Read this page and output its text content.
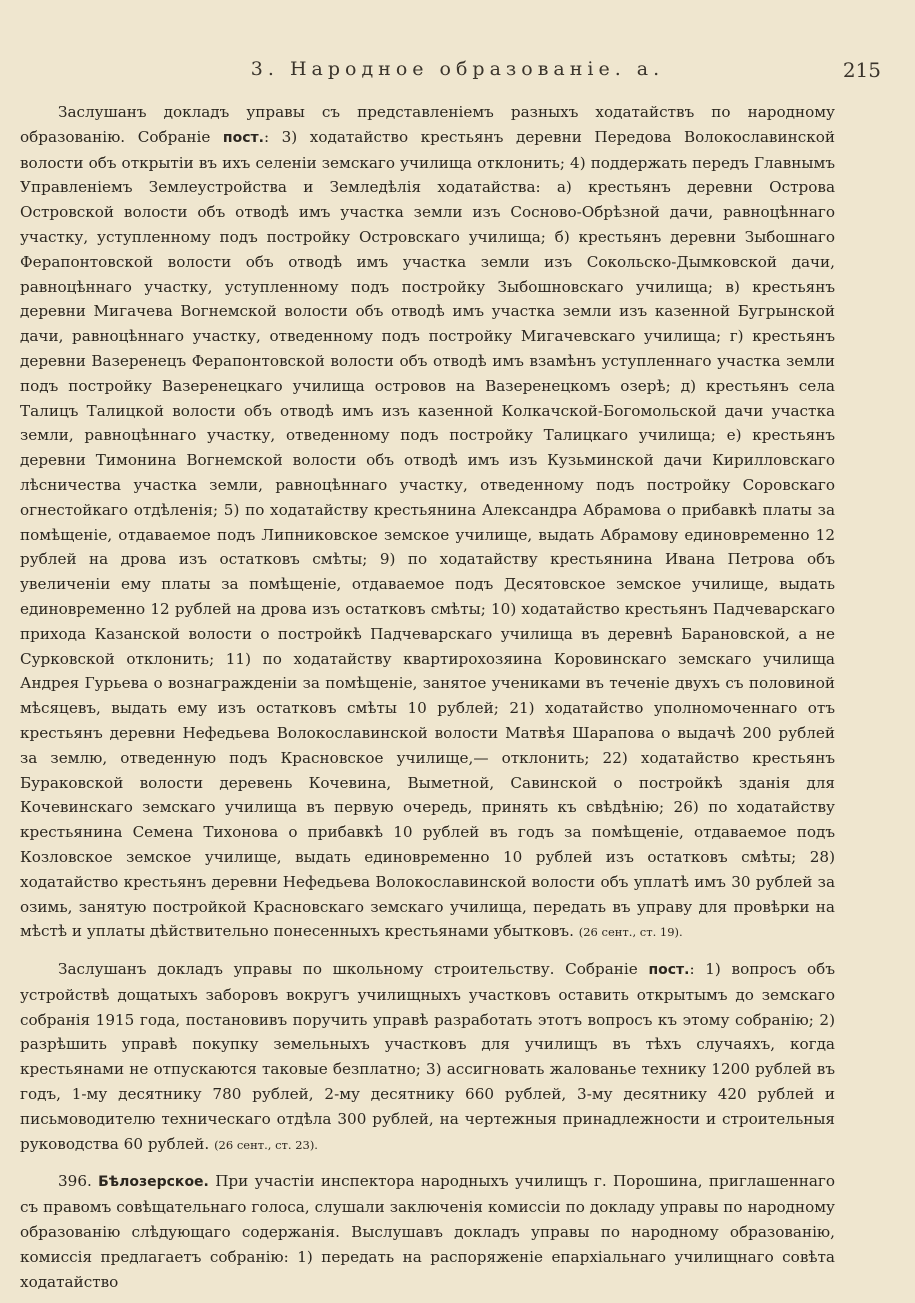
3. Народное образованіе. а.	215

Заслушанъ докладъ управы съ представленіемъ разныхъ ходатайствъ по народному образованію. Собраніе пост.: 3) ходатайство крестьянъ деревни Передова Волокославинской волости объ открытіи въ ихъ селеніи земскаго училища отклонить; 4) поддержать передъ Главнымъ Управленіемъ Землеустройства и Земледѣлія ходатайства: а) крестьянъ деревни Острова Островской волости объ отводѣ имъ участка земли изъ Сосново-Обрѣзной дачи, равноцѣннаго участку, уступленному подъ постройку Островскаго училища; б) крестьянъ деревни Зыбошнаго Ферапонтовской волости объ отводѣ имъ участка земли изъ Сокольско-Дымковской дачи, равноцѣннаго участку, уступленному подъ постройку Зыбошновскаго училища; в) крестьянъ деревни Мигачева Вогнемской волости объ отводѣ имъ участка земли изъ казенной Бугрынской дачи, равноцѣннаго участку, отведенному подъ постройку Мигачевскаго училища; г) крестьянъ деревни Вазеренецъ Ферапонтовской волости объ отводѣ имъ взамѣнъ уступленнаго участка земли подъ постройку Вазеренецкаго училища островов на Вазеренецкомъ озерѣ; д) крестьянъ села Талицъ Талицкой волости объ отводѣ имъ изъ казенной Колкачской-Богомольской дачи участка земли, равноцѣннаго участку, отведенному подъ постройку Талицкаго училища; е) крестьянъ деревни Тимонина Вогнемской волости объ отводѣ имъ изъ Кузьминской дачи Кирилловскаго лѣсничества участка земли, равноцѣннаго участку, отведенному подъ постройку Соровскаго огнестойкаго отдѣленія; 5) по ходатайству крестьянина Александра Абрамова о прибавкѣ платы за помѣщеніе, отдаваемое подъ Липниковское земское училище, выдать Абрамову единовременно 12 рублей на дрова изъ остатковъ смѣты; 9) по ходатайству крестьянина Ивана Петрова объ увеличеніи ему платы за помѣщеніе, отдаваемое подъ Десятовское земское училище, выдать единовременно 12 рублей на дрова изъ остатковъ смѣты; 10) ходатайство крестьянъ Падчеварскаго прихода Казанской волости о постройкѣ Падчеварскаго училища въ деревнѣ Барановской, а не Сурковской отклонить; 11) по ходатайству квартирохозяина Коровинскаго земскаго училища Андрея Гурьева о вознагражденіи за помѣщеніе, занятое учениками въ теченіе двухъ съ половиной мѣсяцевъ, выдать ему изъ остатковъ смѣты 10 рублей; 21) ходатайство уполномоченнаго отъ крестьянъ деревни Нефедьева Волокославинской волости Матвѣя Шарапова о выдачѣ 200 рублей за землю, отведенную подъ Красновское училище,— отклонить; 22) ходатайство крестьянъ Бураковской волости деревень Кочевина, Выметной, Савинской о постройкѣ зданія для Кочевинскаго земскаго училища въ первую очередь, принять къ свѣдѣнію; 26) по ходатайству крестьянина Семена Тихонова о прибавкѣ 10 рублей въ годъ за помѣщеніе, отдаваемое подъ Козловское земское училище, выдать единовременно 10 рублей изъ остатковъ смѣты; 28) ходатайство крестьянъ деревни Нефедьева Волокославинской волости объ уплатѣ имъ 30 рублей за озимь, занятую постройкой Красновскаго земскаго училища, передать въ управу для провѣрки на мѣстѣ и уплаты дѣйствительно понесенныхъ крестьянами убытковъ. (26 сент., ст. 19).

Заслушанъ докладъ управы по школьному строительству. Собраніе пост.: 1) вопросъ объ устройствѣ дощатыхъ заборовъ вокругъ училищныхъ участковъ оставить открытымъ до земскаго собранія 1915 года, постановивъ поручить управѣ разработать этотъ вопросъ къ этому собранію; 2) разрѣшить управѣ покупку земельныхъ участковъ для училищъ въ тѣхъ случаяхъ, когда крестьянами не отпускаются таковые безплатно; 3) ассигновать жалованье технику 1200 рублей въ годъ, 1-му десятнику 780 рублей, 2-му десятнику 660 рублей, 3-му десятнику 420 рублей и письмоводителю техническаго отдѣла 300 рублей, на чертежныя принадлежности и строительныя руководства 60 рублей. (26 сент., ст. 23).

396. Бѣлозерское. При участіи инспектора народныхъ училищъ г. Порошина, приглашеннаго съ правомъ совѣщательнаго голоса, слушали заключенія комиссіи по докладу управы по народному образованію слѣдующаго содержанія. Выслушавъ докладъ управы по народному образованію, комиссія предлагаетъ собранію: 1) передать на распоряженіе епархіальнаго училищнаго совѣта ходатайство
